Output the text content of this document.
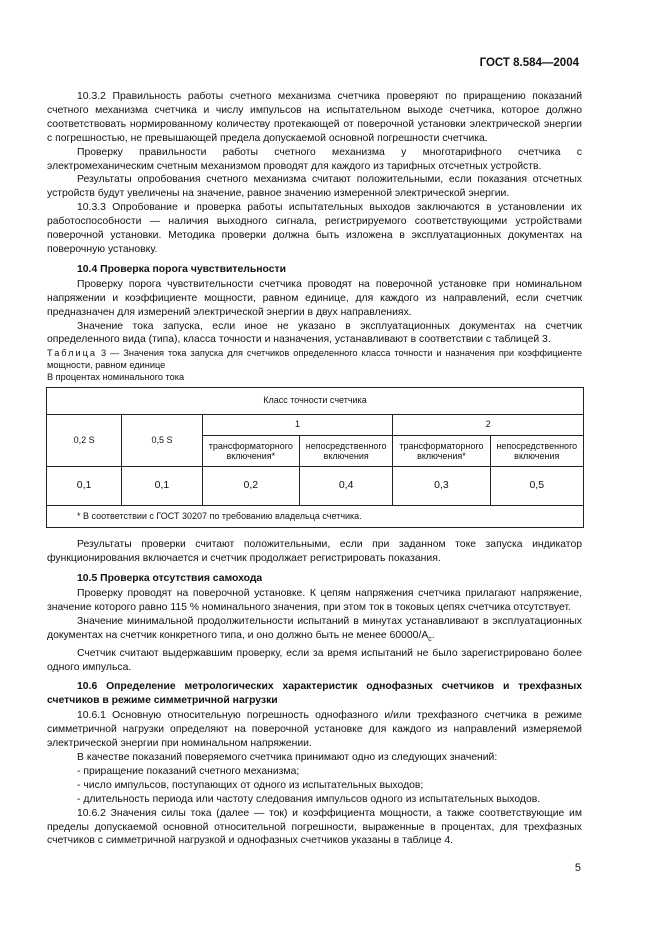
ГОСТ 8.584—2004

10.3.2 Правильность работы счетного механизма счетчика проверяют по приращению показаний счетного механизма счетчика и числу импульсов на испытательном выходе счетчика, которое должно соответствовать нормированному количеству протекающей от поверочной установки электрической энергии с погрешностью, не превышающей предела допускаемой основной погрешности счетчика.

Проверку правильности работы счетного механизма у многотарифного счетчика с электромеханическим счетным механизмом проводят для каждого из тарифных отсчетных устройств.

Результаты опробования счетного механизма считают положительными, если показания отсчетных устройств будут увеличены на значение, равное значению измеренной электрической энергии.

10.3.3 Опробование и проверка работы испытательных выходов заключаются в установлении их работоспособности — наличия выходного сигнала, регистрируемого соответствующими устройствами поверочной установки. Методика проверки должна быть изложена в эксплуатационных документах на поверочную установку.

10.4 Проверка порога чувствительности

Проверку порога чувствительности счетчика проводят на поверочной установке при номинальном напряжении и коэффициенте мощности, равном единице, для каждого из направлений, если счетчик предназначен для измерений электрической энергии в двух направлениях.

Значение тока запуска, если иное не указано в эксплуатационных документах на счетчик определенного вида (типа), класса точности и назначения, устанавливают в соответствии с таблицей 3.

Таблица 3 — Значения тока запуска для счетчиков определенного класса точности и назначения при коэффициенте мощности, равном единице

В процентах номинального тока

Класс точности счетчика					
0,2 S	0,5 S	1		2	
		трансформаторного включения*	непосредственного включения	трансформаторного включения*	непосредственного включения
0,1	0,1	0,2	0,4	0,3	0,5
* В соответствии с ГОСТ 30207 по требованию владельца счетчика.					

Результаты проверки считают положительными, если при заданном токе запуска индикатор функционирования включается и счетчик продолжает регистрировать показания.

10.5 Проверка отсутствия самохода

Проверку проводят на поверочной установке. К цепям напряжения счетчика прилагают напряжение, значение которого равно 115 % номинального значения, при этом ток в токовых цепях счетчика отсутствует.

Значение минимальной продолжительности испытаний в минутах устанавливают в эксплуатационных документах на счетчик конкретного типа, и оно должно быть не менее $60000/A_c$.

Счетчик считают выдержавшим проверку, если за время испытаний не было зарегистрировано более одного импульса.

10.6 Определение метрологических характеристик однофазных счетчиков и трехфазных счетчиков в режиме симметричной нагрузки

10.6.1 Основную относительную погрешность однофазного и/или трехфазного счетчика в режиме симметричной нагрузки определяют на поверочной установке для каждого из направлений измеряемой электрической энергии при номинальном напряжении.

В качестве показаний поверяемого счетчика принимают одно из следующих значений:

- приращение показаний счетного механизма;

- число импульсов, поступающих от одного из испытательных выходов;

- длительность периода или частоту следования импульсов одного из испытательных выходов.

10.6.2 Значения силы тока (далее — ток) и коэффициента мощности, а также соответствующие им пределы допускаемой основной относительной погрешности, выраженные в процентах, для трехфазных счетчиков с симметричной нагрузкой и однофазных счетчиков указаны в таблице 4.

5
